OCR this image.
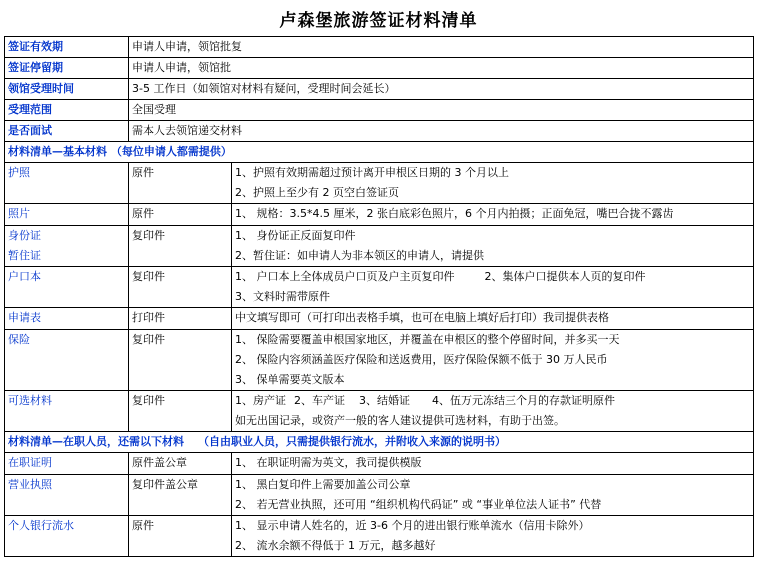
卢森堡旅游签证材料清单
签证有效期	申请人申请，领馆批复	
签证停留期	申请人申请，领馆批	
领馆受理时间	3-5 工作日（如领馆对材料有疑问，受理时间会延长）	
受理范围	全国受理	
是否面试	需本人去领馆递交材料	
材料清单—基本材料 （每位申请人都需提供）		
护照	原件	1、护照有效期需超过预计离开申根区日期的 3 个月以上
2、护照上至少有 2 页空白签证页

照片	原件	1、 规格：3.5*4.5 厘米，2 张白底彩色照片，6 个月内拍摄；正面免冠，嘴巴合拢不露齿

身份证
暂住证	复印件	1、 身份证正反面复印件
2、暂住证：如申请人为非本领区的申请人，请提供

户口本	复印件	1、 户口本上全体成员户口页及户主页复印件 2、集体户口提供本人页的复印件
3、文料时需带原件

申请表	打印件	中文填写即可（可打印出表格手填，也可在电脑上填好后打印）我司提供表格

保险	复印件	1、 保险需要覆盖申根国家地区，并覆盖在申根区的整个停留时间，并多买一天
2、 保险内容须涵盖医疗保险和送返费用，医疗保险保额不低于 30 万人民币
3、 保单需要英文版本

可选材料	复印件	1、房产证 2、车产证 3、结婚证 4、伍万元冻结三个月的存款证明原件
如无出国记录，或资产一般的客人建议提供可选材料，有助于出签。

材料清单—在职人员，还需以下材料 （自由职业人员，只需提供银行流水，并附收入来源的说明书）		
在职证明	原件盖公章	1、 在职证明需为英文，我司提供模版

营业执照	复印件盖公章	1、 黑白复印件上需要加盖公司公章
2、 若无营业执照，还可用 “组织机构代码证” 或 “事业单位法人证书” 代替

个人银行流水	原件	1、 显示申请人姓名的，近 3-6 个月的进出银行账单流水（信用卡除外）
2、 流水余额不得低于 1 万元，越多越好
